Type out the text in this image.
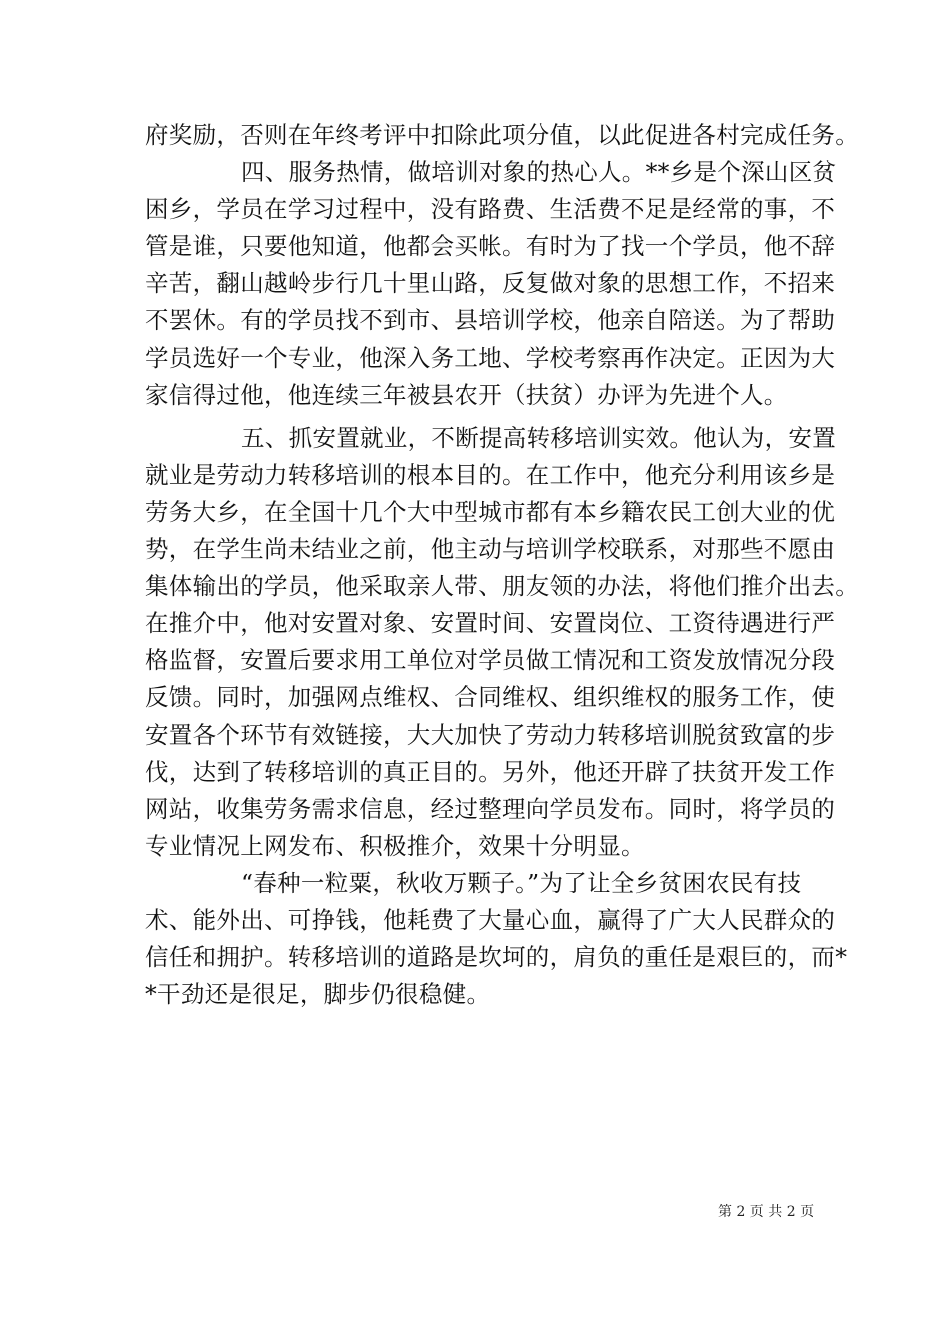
府奖励，否则在年终考评中扣除此项分值，以此促进各村完成任务。
四、服务热情，做培训对象的热心人。**乡是个深山区贫
困乡，学员在学习过程中，没有路费、生活费不足是经常的事，不
管是谁，只要他知道，他都会买帐。有时为了找一个学员，他不辞
辛苦，翻山越岭步行几十里山路，反复做对象的思想工作，不招来
不罢休。有的学员找不到市、县培训学校，他亲自陪送。为了帮助
学员选好一个专业，他深入务工地、学校考察再作决定。正因为大
家信得过他，他连续三年被县农开（扶贫）办评为先进个人。
五、抓安置就业，不断提高转移培训实效。他认为，安置
就业是劳动力转移培训的根本目的。在工作中，他充分利用该乡是
劳务大乡，在全国十几个大中型城市都有本乡籍农民工创大业的优
势，在学生尚未结业之前，他主动与培训学校联系，对那些不愿由
集体输出的学员，他采取亲人带、朋友领的办法，将他们推介出去。
在推介中，他对安置对象、安置时间、安置岗位、工资待遇进行严
格监督，安置后要求用工单位对学员做工情况和工资发放情况分段
反馈。同时，加强网点维权、合同维权、组织维权的服务工作，使
安置各个环节有效链接，大大加快了劳动力转移培训脱贫致富的步
伐，达到了转移培训的真正目的。另外，他还开辟了扶贫开发工作
网站，收集劳务需求信息，经过整理向学员发布。同时，将学员的
专业情况上网发布、积极推介，效果十分明显。
“春种一粒粟，秋收万颗子。”为了让全乡贫困农民有技
术、能外出、可挣钱，他耗费了大量心血，赢得了广大人民群众的
信任和拥护。转移培训的道路是坎坷的，肩负的重任是艰巨的，而*
*干劲还是很足，脚步仍很稳健。
第 2 页 共 2 页
